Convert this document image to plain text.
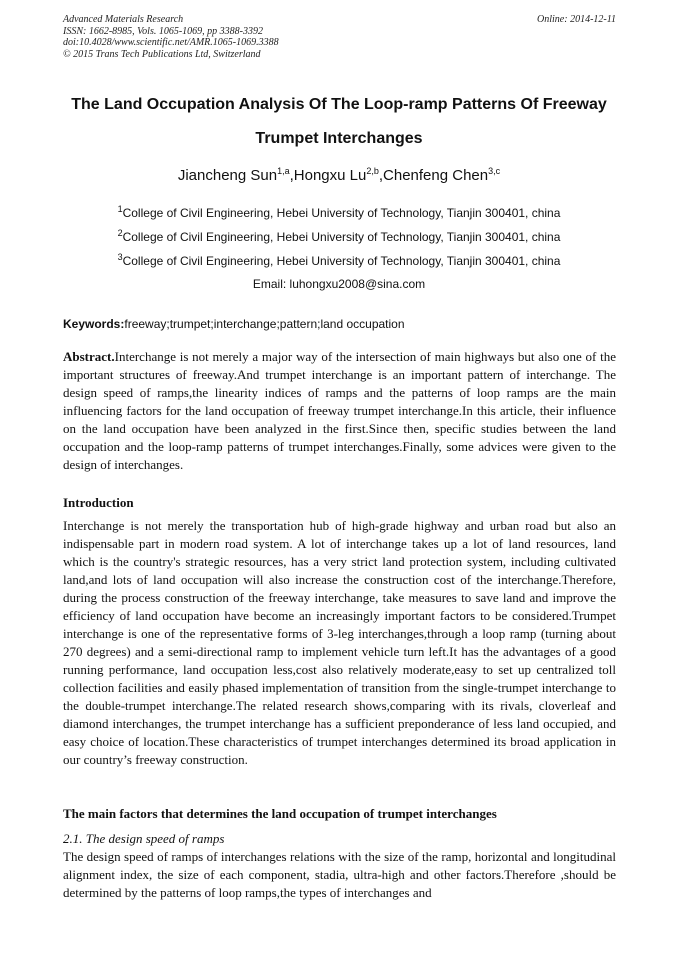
Advanced Materials Research
ISSN: 1662-8985, Vols. 1065-1069, pp 3388-3392
doi:10.4028/www.scientific.net/AMR.1065-1069.3388
© 2015 Trans Tech Publications Ltd, Switzerland
Online: 2014-12-11
The Land Occupation Analysis Of The Loop-ramp Patterns Of Freeway
Trumpet Interchanges
Jiancheng Sun$^{1,a}$,Hongxu Lu$^{2,b}$,Chenfeng Chen$^{3,c}$
$^1$College of Civil Engineering, Hebei University of Technology, Tianjin 300401, china
$^2$College of Civil Engineering, Hebei University of Technology, Tianjin 300401, china
$^3$College of Civil Engineering, Hebei University of Technology, Tianjin 300401, china
Email: luhongxu2008@sina.com
Keywords:freeway;trumpet;interchange;pattern;land occupation

Abstract.Interchange is not merely a major way of the intersection of main highways but also one of the important structures of freeway.And trumpet interchange is an important pattern of interchange. The design speed of ramps,the linearity indices of ramps and the patterns of loop ramps are the main influencing factors for the land occupation of freeway trumpet interchange.In this article, their influence on the land occupation have been analyzed in the first.Since then, specific studies between the land occupation and the loop-ramp patterns of trumpet interchanges.Finally, some advices were given to the design of interchanges.

Introduction

Interchange is not merely the transportation hub of high-grade highway and urban road but also an indispensable part in modern road system. A lot of interchange takes up a lot of land resources, land which is the country's strategic resources, has a very strict land protection system, including cultivated land,and lots of land occupation will also increase the construction cost of the interchange.Therefore, during the process construction of the freeway interchange, take measures to save land and improve the efficiency of land occupation have become an increasingly important factors to be considered.Trumpet interchange is one of the representative forms of 3-leg interchanges,through a loop ramp (turning about 270 degrees) and a semi-directional ramp to implement vehicle turn left.It has the advantages of a good running performance, land occupation less,cost also relatively moderate,easy to set up centralized toll collection facilities and easily phased implementation of transition from the single-trumpet interchange to the double-trumpet interchange.The related research shows,comparing with its rivals, cloverleaf and diamond interchanges, the trumpet interchange has a sufficient preponderance of less land occupied, and easy choice of location.These characteristics of trumpet interchanges determined its broad application in our country’s freeway construction.

The main factors that determines the land occupation of trumpet interchanges
2.1. The design speed of ramps

The design speed of ramps of interchanges relations with the size of the ramp, horizontal and longitudinal alignment index, the size of each component, stadia, ultra-high and other factors.Therefore ,should be determined by the patterns of loop ramps,the types of interchanges and
